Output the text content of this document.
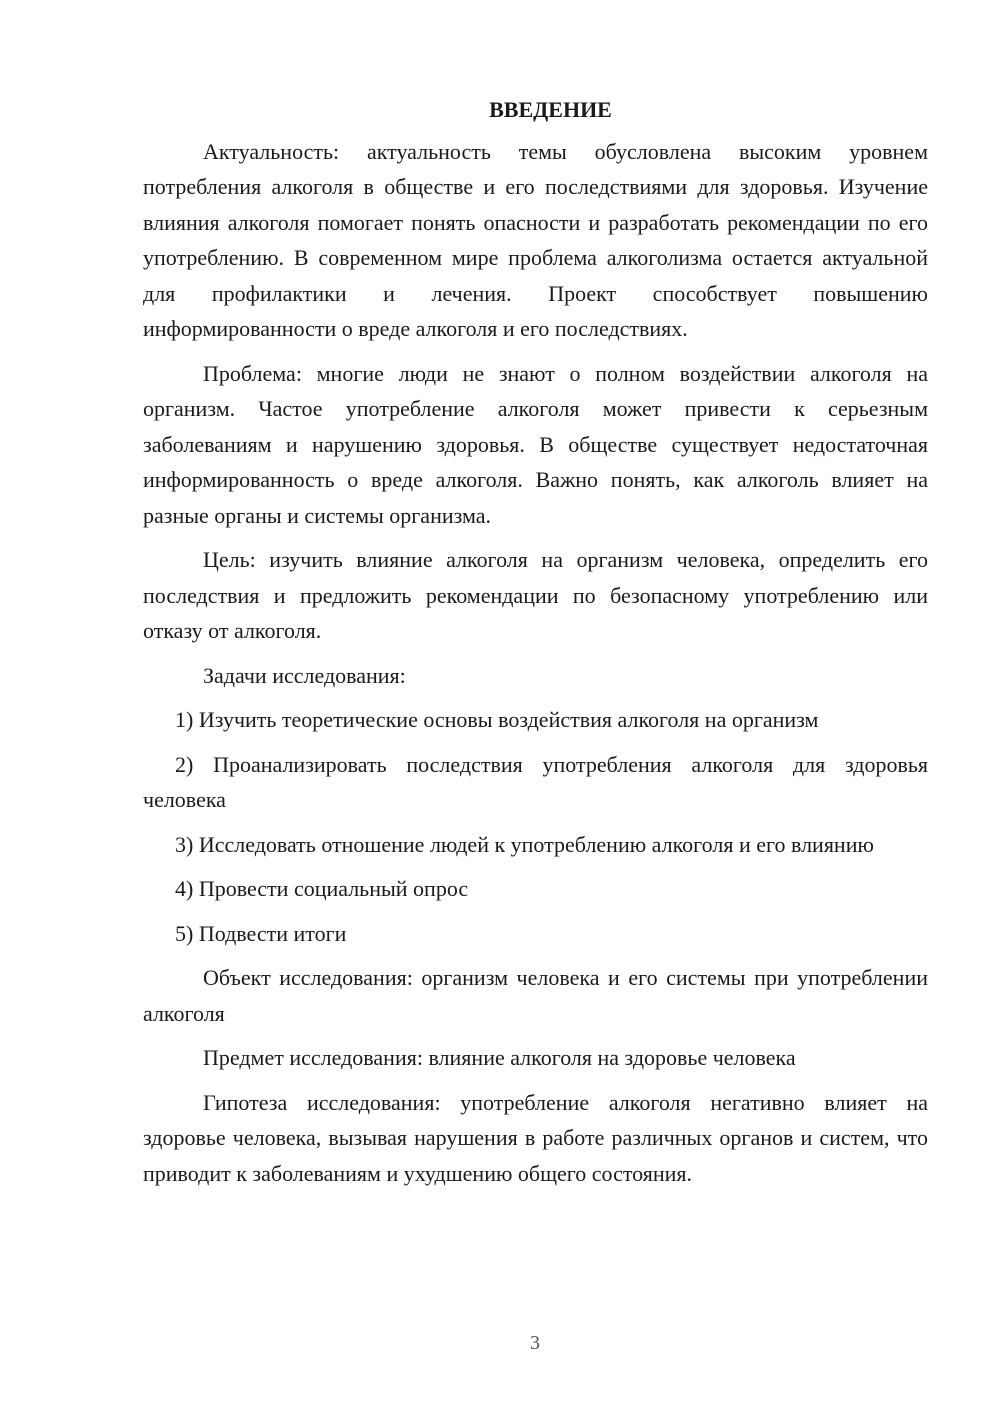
ВВЕДЕНИЕ

Актуальность: актуальность темы обусловлена высоким уровнем потребления алкоголя в обществе и его последствиями для здоровья. Изучение влияния алкоголя помогает понять опасности и разработать рекомендации по его употреблению. В современном мире проблема алкоголизма остается актуальной для профилактики и лечения. Проект способствует повышению информированности о вреде алкоголя и его последствиях.

Проблема: многие люди не знают о полном воздействии алкоголя на организм. Частое употребление алкоголя может привести к серьезным заболеваниям и нарушению здоровья. В обществе существует недостаточная информированность о вреде алкоголя. Важно понять, как алкоголь влияет на разные органы и системы организма.

Цель: изучить влияние алкоголя на организм человека, определить его последствия и предложить рекомендации по безопасному употреблению или отказу от алкоголя.

Задачи исследования:

1) Изучить теоретические основы воздействия алкоголя на организм

2) Проанализировать последствия употребления алкоголя для здоровья человека

3) Исследовать отношение людей к употреблению алкоголя и его влиянию

4) Провести социальный опрос

5) Подвести итоги

Объект исследования: организм человека и его системы при употреблении алкоголя

Предмет исследования: влияние алкоголя на здоровье человека

Гипотеза исследования: употребление алкоголя негативно влияет на здоровье человека, вызывая нарушения в работе различных органов и систем, что приводит к заболеваниям и ухудшению общего состояния.

3
